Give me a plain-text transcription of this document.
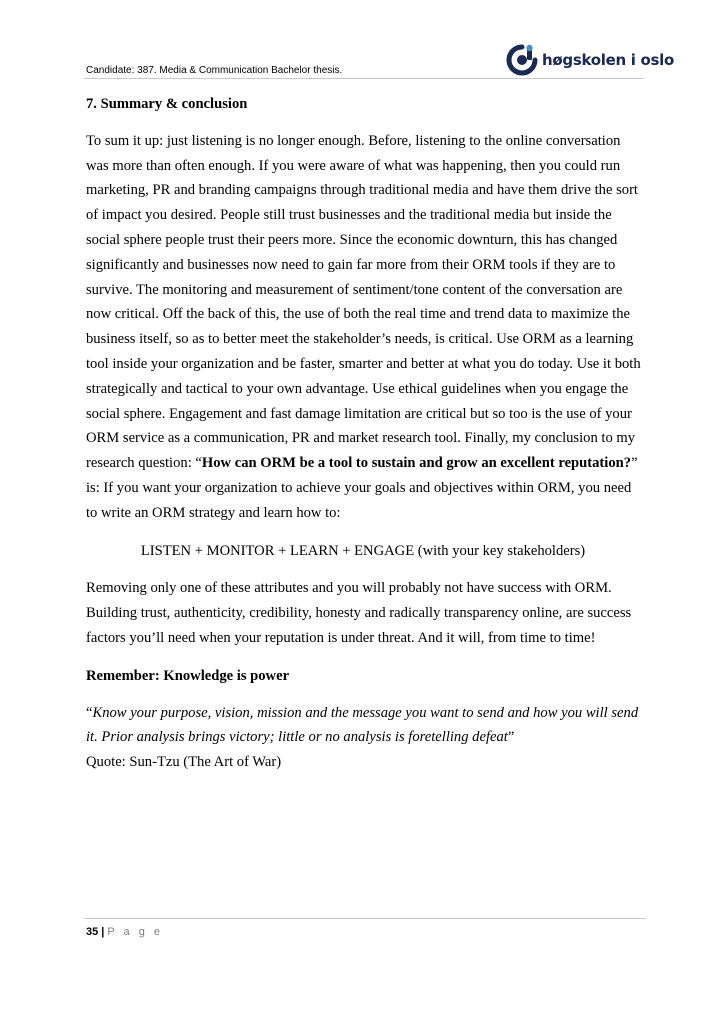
Candidate: 387. Media & Communication Bachelor thesis.
høgskolen i oslo
7. Summary & conclusion

To sum it up: just listening is no longer enough. Before, listening to the online conversation was more than often enough. If you were aware of what was happening, then you could run marketing, PR and branding campaigns through traditional media and have them drive the sort of impact you desired. People still trust businesses and the traditional media but inside the social sphere people trust their peers more. Since the economic downturn, this has changed significantly and businesses now need to gain far more from their ORM tools if they are to survive. The monitoring and measurement of sentiment/tone content of the conversation are now critical. Off the back of this, the use of both the real time and trend data to maximize the business itself, so as to better meet the stakeholder’s needs, is critical. Use ORM as a learning tool inside your organization and be faster, smarter and better at what you do today. Use it both strategically and tactical to your own advantage. Use ethical guidelines when you engage the social sphere. Engagement and fast damage limitation are critical but so too is the use of your ORM service as a communication, PR and market research tool. Finally, my conclusion to my research question: “How can ORM be a tool to sustain and grow an excellent reputation?” is: If you want your organization to achieve your goals and objectives within ORM, you need to write an ORM strategy and learn how to:

LISTEN + MONITOR + LEARN + ENGAGE (with your key stakeholders)

Removing only one of these attributes and you will probably not have success with ORM. Building trust, authenticity, credibility, honesty and radically transparency online, are success factors you’ll need when your reputation is under threat. And it will, from time to time!

Remember: Knowledge is power

“Know your purpose, vision, mission and the message you want to send and how you will send it. Prior analysis brings victory; little or no analysis is foretelling defeat”

Quote: Sun-Tzu (The Art of War)

35 | P a g e
